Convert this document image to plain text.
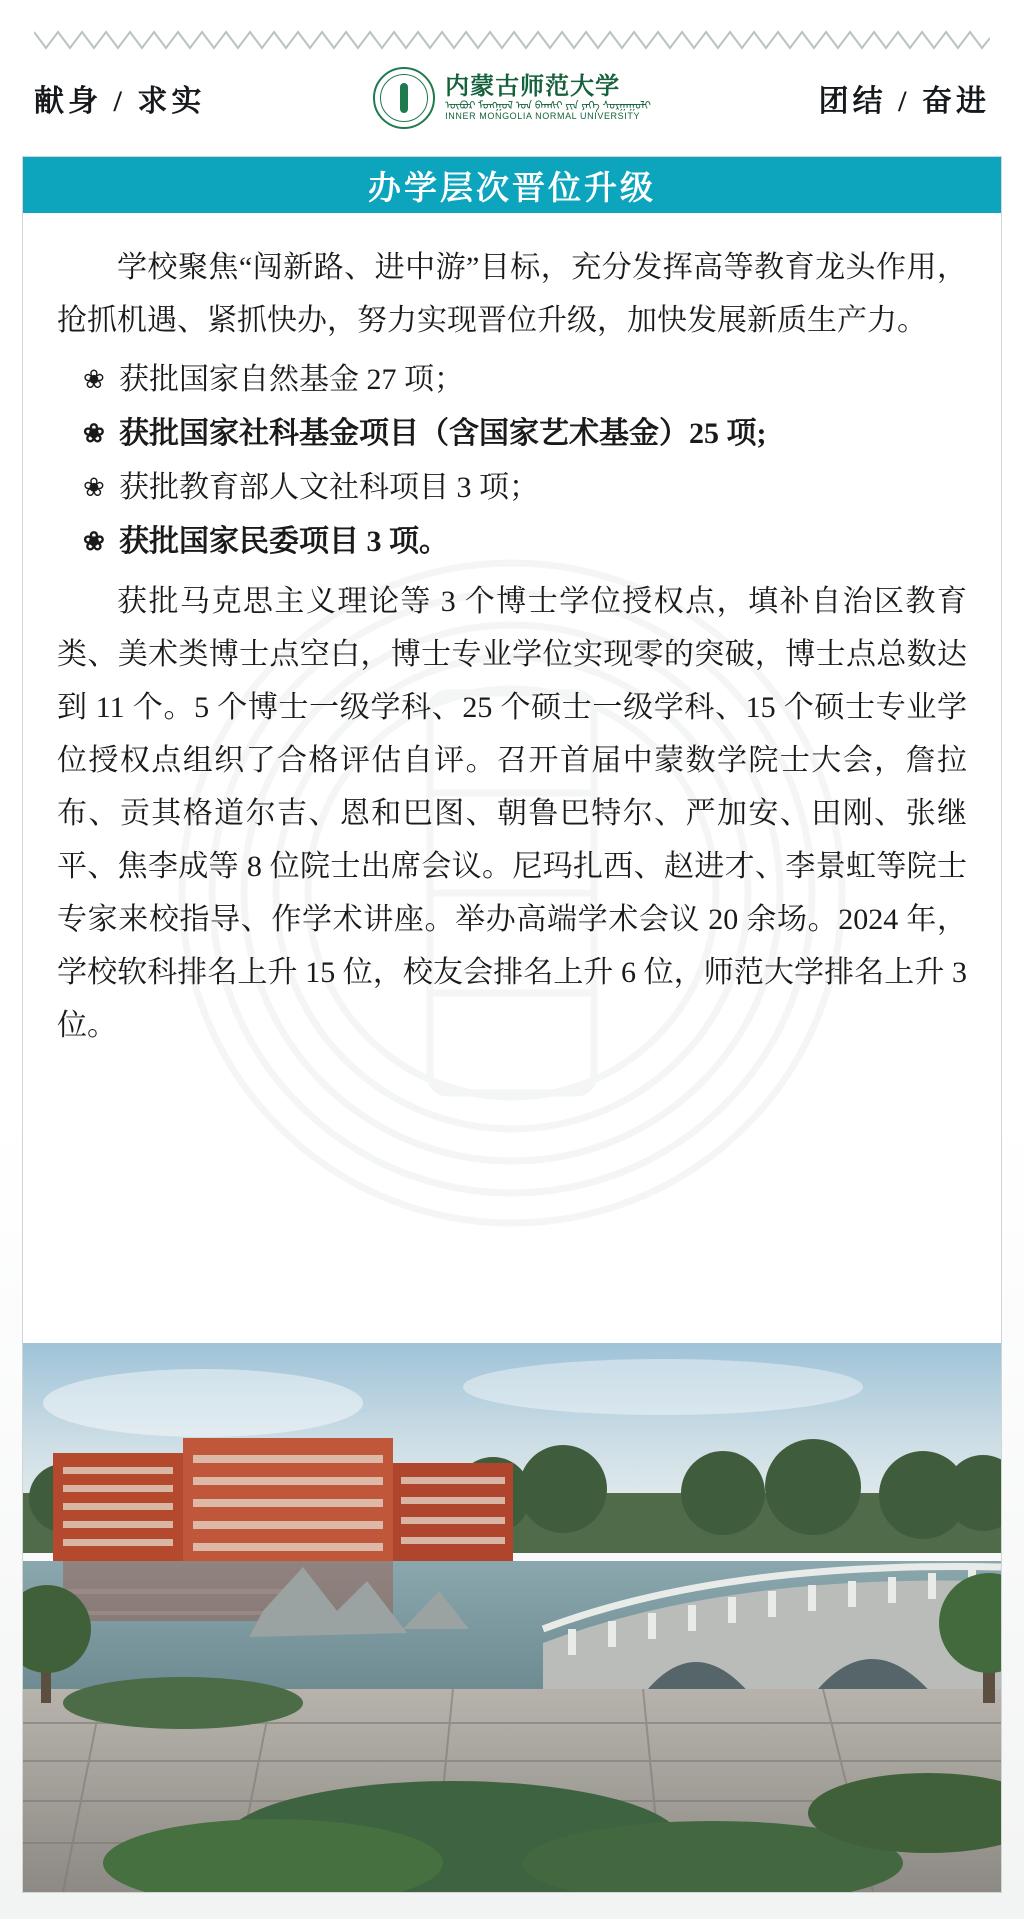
献身 / 求实	内蒙古师范大学
ᠦᠪᠦᠷ ᠮᠣᠩᠭᠣᠯ ᠤᠨ ᠪᠠᠭᠰᠢ ᠶᠢᠨ ᠶᠡᠬᠡ ᠰᠤᠷᠭᠠᠭᠤᠯᠢ
INNER MONGOLIA NORMAL UNIVERSITY	团结 / 奋进
办学层次晋位升级

学校聚焦“闯新路、进中游”目标，充分发挥高等教育龙头作用，抢抓机遇、紧抓快办，努力实现晋位升级，加快发展新质生产力。

❀ 获批国家自然基金 27 项；
❀ 获批国家社科基金项目（含国家艺术基金）25 项;
❀ 获批教育部人文社科项目 3 项；
❀ 获批国家民委项目 3 项。

获批马克思主义理论等 3 个博士学位授权点，填补自治区教育类、美术类博士点空白，博士专业学位实现零的突破，博士点总数达到 11 个。5 个博士一级学科、25 个硕士一级学科、15 个硕士专业学位授权点组织了合格评估自评。召开首届中蒙数学院士大会，詹拉布、贡其格道尔吉、恩和巴图、朝鲁巴特尔、严加安、田刚、张继平、焦李成等 8 位院士出席会议。尼玛扎西、赵进才、李景虹等院士专家来校指导、作学术讲座。举办高端学术会议 20 余场。2024 年，学校软科排名上升 15 位，校友会排名上升 6 位，师范大学排名上升 3 位。
